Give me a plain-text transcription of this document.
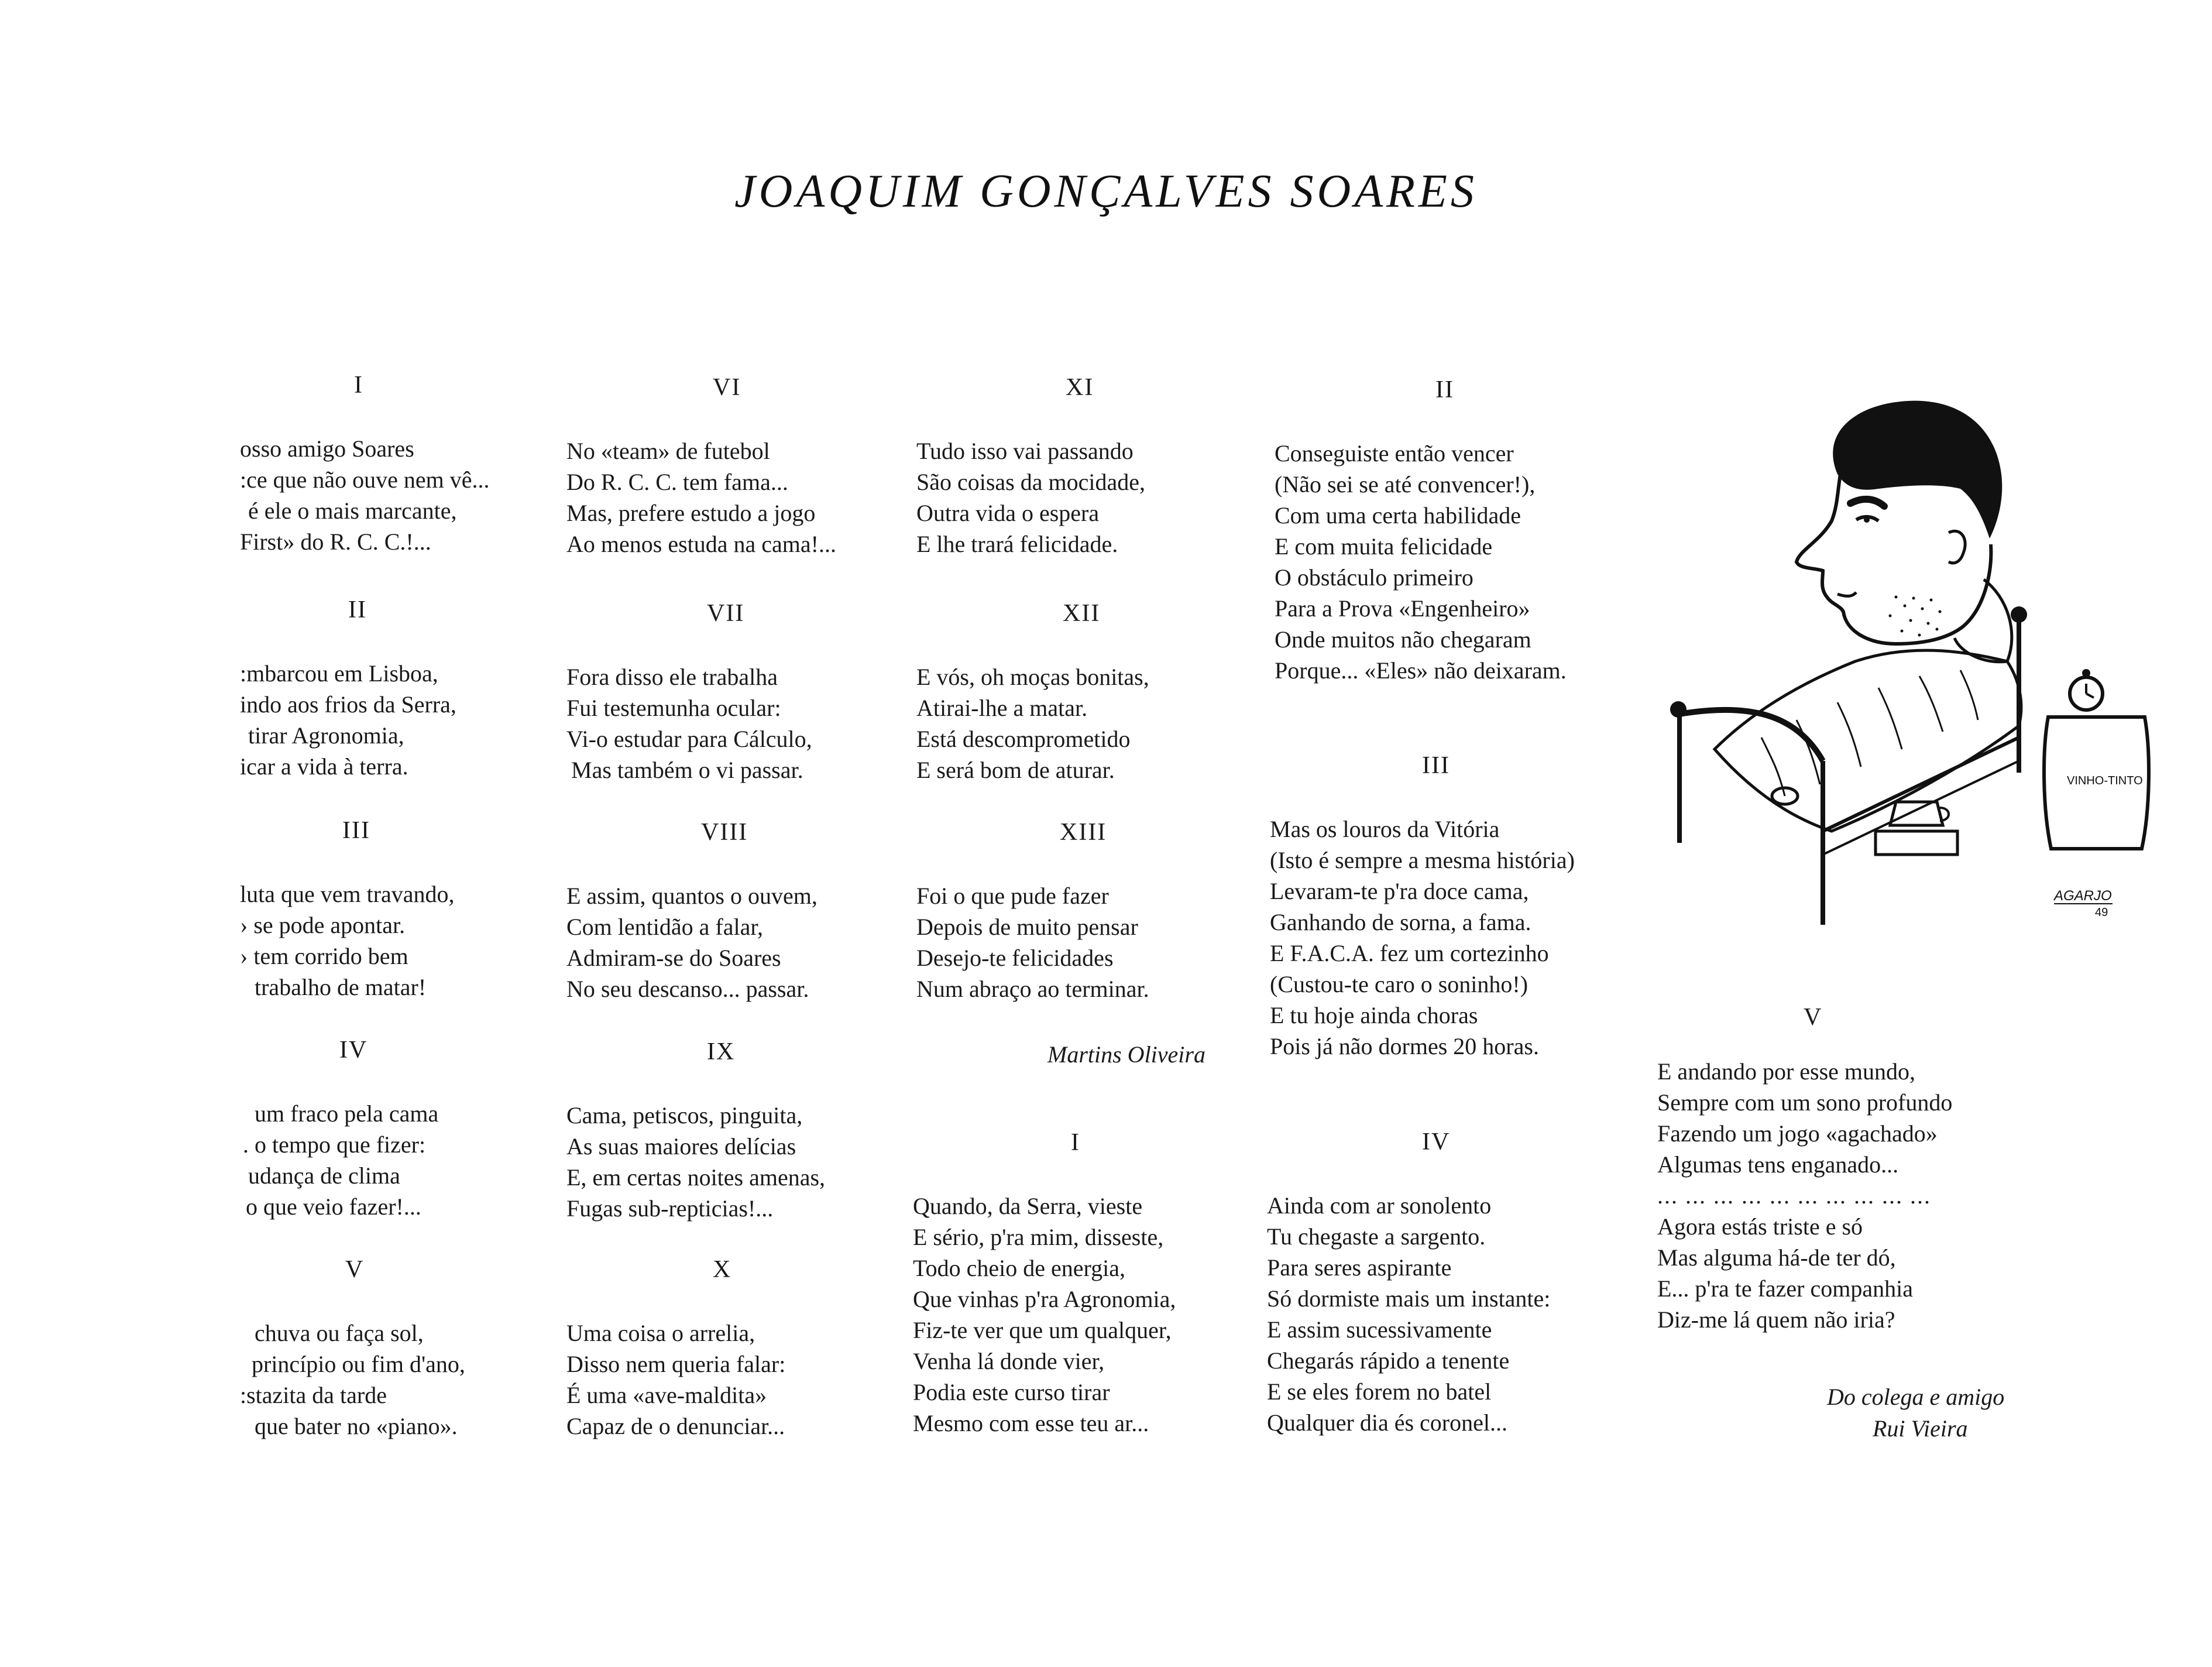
JOAQUIM GONÇALVES SOARES
I
osso amigo Soares
:ce que não ouve nem vê...
é ele o mais marcante,
First» do R. C. C.!...
II
:mbarcou em Lisboa,
indo aos frios da Serra,
tirar Agronomia,
icar a vida à terra.
III
luta que vem travando,
› se pode apontar.
› tem corrido bem
trabalho de matar!
IV
um fraco pela cama
. o tempo que fizer:
udança de clima
o que veio fazer!...
V
chuva ou faça sol,
princípio ou fim d'ano,
:stazita da tarde
que bater no «piano».
VI
No «team» de futebol
Do R. C. C. tem fama...
Mas, prefere estudo a jogo
Ao menos estuda na cama!...
VII
Fora disso ele trabalha
Fui testemunha ocular:
Vi-o estudar para Cálculo,
Mas também o vi passar.
VIII
E assim, quantos o ouvem,
Com lentidão a falar,
Admiram-se do Soares
No seu descanso... passar.
IX
Cama, petiscos, pinguita,
As suas maiores delícias
E, em certas noites amenas,
Fugas sub-repticias!...
X
Uma coisa o arrelia,
Disso nem queria falar:
É uma «ave-maldita»
Capaz de o denunciar...
XI
Tudo isso vai passando
São coisas da mocidade,
Outra vida o espera
E lhe trará felicidade.
XII
E vós, oh moças bonitas,
Atirai-lhe a matar.
Está descomprometido
E será bom de aturar.
XIII
Foi o que pude fazer
Depois de muito pensar
Desejo-te felicidades
Num abraço ao terminar.
Martins Oliveira
I
Quando, da Serra, vieste
E sério, p'ra mim, disseste,
Todo cheio de energia,
Que vinhas p'ra Agronomia,
Fiz-te ver que um qualquer,
Venha lá donde vier,
Podia este curso tirar
Mesmo com esse teu ar...
II
Conseguiste então vencer
(Não sei se até convencer!),
Com uma certa habilidade
E com muita felicidade
O obstáculo primeiro
Para a Prova «Engenheiro»
Onde muitos não chegaram
Porque... «Eles» não deixaram.
III
Mas os louros da Vitória
(Isto é sempre a mesma história)
Levaram-te p'ra doce cama,
Ganhando de sorna, a fama.
E F.A.C.A. fez um cortezinho
(Custou-te caro o soninho!)
E tu hoje ainda choras
Pois já não dormes 20 horas.
IV
Ainda com ar sonolento
Tu chegaste a sargento.
Para seres aspirante
Só dormiste mais um instante:
E assim sucessivamente
Chegarás rápido a tenente
E se eles forem no batel
Qualquer dia és coronel...
V
E andando por esse mundo,
Sempre com um sono profundo
Fazendo um jogo «agachado»
Algumas tens enganado...
... ... ... ... ... ... ... ... ... ...
Agora estás triste e só
Mas alguma há-de ter dó,
E... p'ra te fazer companhia
Diz-me lá quem não iria?
Do colega e amigo
Rui Vieira
VINHO-TINTO
AGARJO
49
